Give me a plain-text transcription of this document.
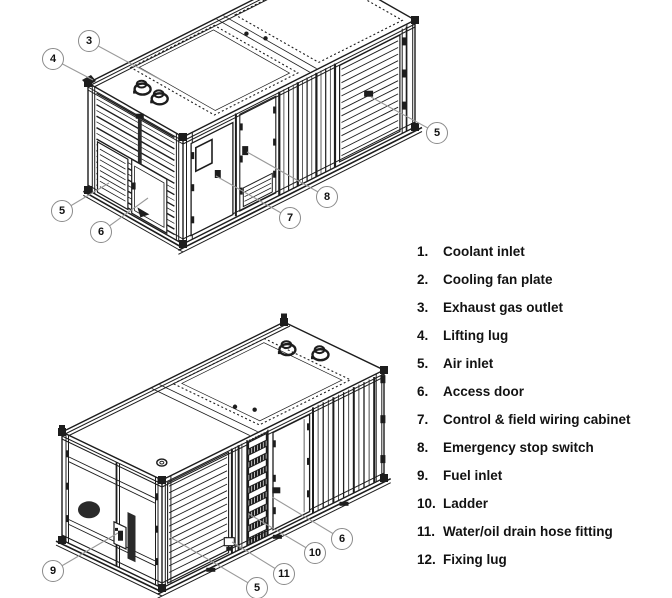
3
4
5
6
7
8
5
9
5
11
10
6
1.	Coolant inlet
2.	Cooling fan plate
3.	Exhaust gas outlet
4.	Lifting lug
5.	Air inlet
6.	Access door
7.	Control & field wiring cabinet
8.	Emergency stop switch
9.	Fuel inlet
10. Ladder
11. Water/oil drain hose fitting
12. Fixing lug
